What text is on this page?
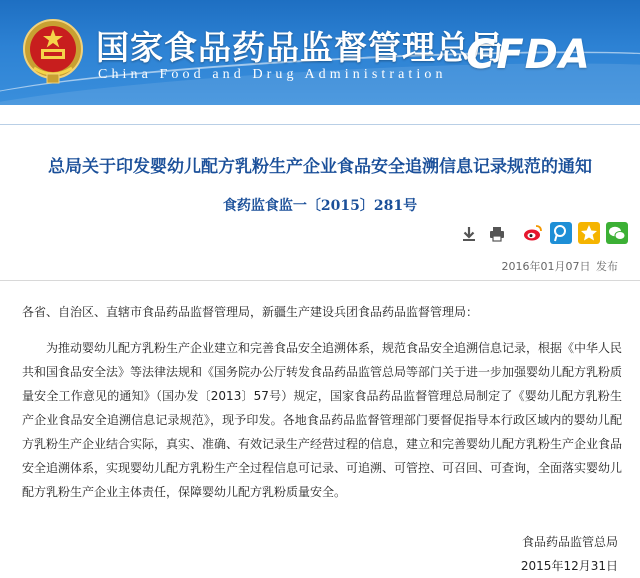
国家食品药品监督管理总局
China Food and Drug Administration CFDA
总局关于印发婴幼儿配方乳粉生产企业食品安全追溯信息记录规范的通知
食药监食监一〔2015〕281号
2016年01月07日 发布

各省、自治区、直辖市食品药品监督管理局，新疆生产建设兵团食品药品监督管理局：

为推动婴幼儿配方乳粉生产企业建立和完善食品安全追溯体系，规范食品安全追溯信息记录，根据《中华人民共和国食品安全法》等法律法规和《国务院办公厅转发食品药品监管总局等部门关于进一步加强婴幼儿配方乳粉质量安全工作意见的通知》（国办发〔2013〕57号）规定，国家食品药品监督管理总局制定了《婴幼儿配方乳粉生产企业食品安全追溯信息记录规范》，现予印发。各地食品药品监督管理部门要督促指导本行政区域内的婴幼儿配方乳粉生产企业结合实际，真实、准确、有效记录生产经营过程的信息，建立和完善婴幼儿配方乳粉生产企业食品安全追溯体系，实现婴幼儿配方乳粉生产全过程信息可记录、可追溯、可管控、可召回、可查询，全面落实婴幼儿配方乳粉生产企业主体责任，保障婴幼儿配方乳粉质量安全。

食品药品监管总局
2015年12月31日
